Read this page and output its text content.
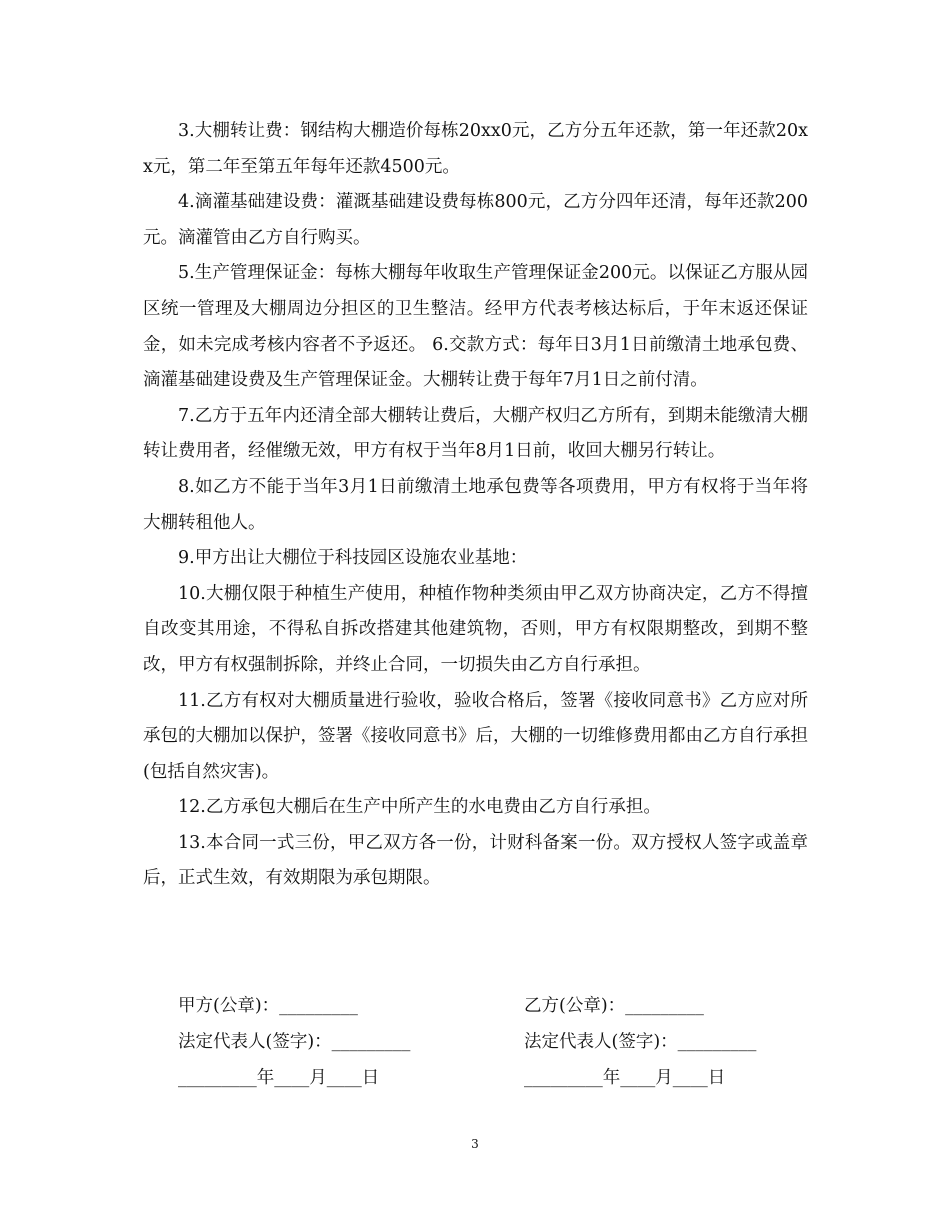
3.大棚转让费：钢结构大棚造价每栋20xx0元，乙方分五年还款，第一年还款20xx元，第二年至第五年每年还款4500元。

4.滴灌基础建设费：灌溉基础建设费每栋800元，乙方分四年还清，每年还款200元。滴灌管由乙方自行购买。

5.生产管理保证金：每栋大棚每年收取生产管理保证金200元。以保证乙方服从园区统一管理及大棚周边分担区的卫生整洁。经甲方代表考核达标后，于年末返还保证金，如未完成考核内容者不予返还。 6.交款方式：每年日3月1日前缴清土地承包费、滴灌基础建设费及生产管理保证金。大棚转让费于每年7月1日之前付清。

7.乙方于五年内还清全部大棚转让费后，大棚产权归乙方所有，到期未能缴清大棚转让费用者，经催缴无效，甲方有权于当年8月1日前，收回大棚另行转让。

8.如乙方不能于当年3月1日前缴清土地承包费等各项费用，甲方有权将于当年将大棚转租他人。

9.甲方出让大棚位于科技园区设施农业基地：

10.大棚仅限于种植生产使用，种植作物种类须由甲乙双方协商决定，乙方不得擅自改变其用途，不得私自拆改搭建其他建筑物，否则，甲方有权限期整改，到期不整改，甲方有权强制拆除，并终止合同，一切损失由乙方自行承担。

11.乙方有权对大棚质量进行验收，验收合格后，签署《接收同意书》乙方应对所承包的大棚加以保护，签署《接收同意书》后，大棚的一切维修费用都由乙方自行承担(包括自然灾害)。

12.乙方承包大棚后在生产中所产生的水电费由乙方自行承担。

13.本合同一式三份，甲乙双方各一份，计财科备案一份。双方授权人签字或盖章后，正式生效，有效期限为承包期限。

甲方(公章)：_________	乙方(公章)：_________
法定代表人(签字)：_________	法定代表人(签字)：_________
_________年____月____日	_________年____月____日
3
